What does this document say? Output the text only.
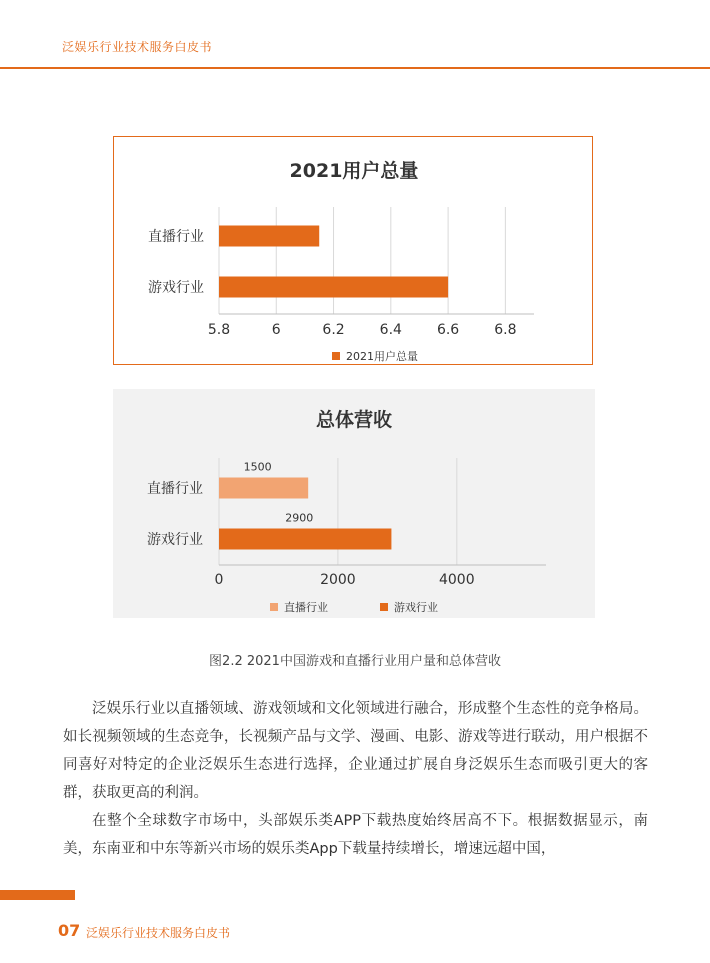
泛娱乐行业技术服务白皮书
2021用户总量
5.8	6	6.2	6.4	6.6	6.8
直播行业
游戏行业
2021用户总量
总体营收
0	2000	4000
直播行业
1500
游戏行业
2900
直播行业	游戏行业
图2.2 2021中国游戏和直播行业用户量和总体营收

泛娱乐行业以直播领域、游戏领域和文化领域进行融合，形成整个生态性的竞争格局。如长视频领域的生态竞争，长视频产品与文学、漫画、电影、游戏等进行联动，用户根据不同喜好对特定的企业泛娱乐生态进行选择，企业通过扩展自身泛娱乐生态而吸引更大的客群，获取更高的利润。

在整个全球数字市场中，头部娱乐类APP下载热度始终居高不下。根据数据显示，南美，东南亚和中东等新兴市场的娱乐类App下载量持续增长，增速远超中国，

07 泛娱乐行业技术服务白皮书
